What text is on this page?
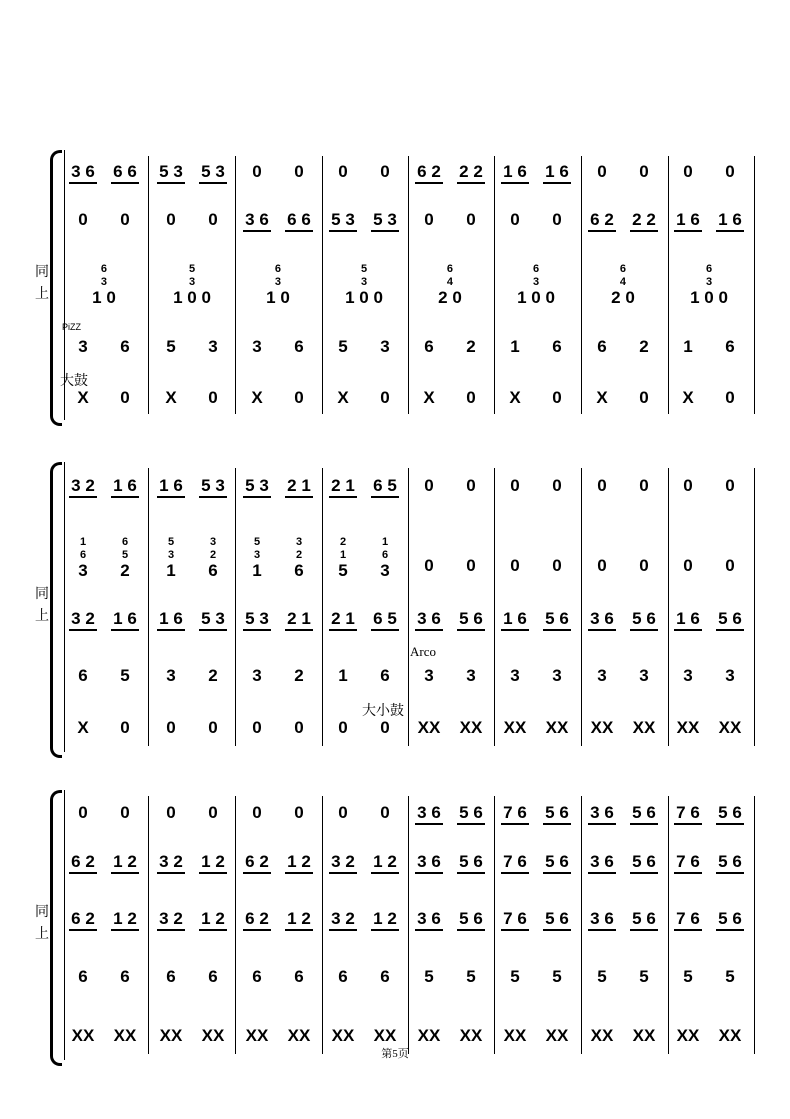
同
上
3 6 6 6 5 3 5 3 0 0 0 0 6 2 2 2 1 6 1 6 0 0 0 0
0 0 0 0 3 6 6 6 5 3 5 3 0 0 0 0 6 2 2 2 1 6 1 6
6
3
1 0
5
3
1 0 0
6
3
1 0
5
3
1 0 0
6
4
2 0
6
3
1 0 0
6
4
2 0
6
3
1 0 0
3 6 5 3 3 6 5 3 6 2 1 6 6 2 1 6
X 0 X 0 X 0 X 0 X 0 X 0 X 0 X 0
PiZZ
大鼓
同
上
3 2 1 6 1 6 5 3 5 3 2 1 2 1 6 5 0 0 0 0 0 0 0 0
1
6
3
6
5
2
5
3
1
3
2
6
5
3
1
3
2
6
2
1
5
1
6
3 0 0 0 0 0 0 0 0
3 2 1 6 1 6 5 3 5 3 2 1 2 1 6 5 3 6 5 6 1 6 5 6 3 6 5 6 1 6 5 6
6 5 3 2 3 2 1 6 3 3 3 3 3 3 3 3
X 0 0 0 0 0 0 0 XX XX XX XX XX XX XX XX
Arco
大小鼓
同
上
0 0 0 0 0 0 0 0 3 6 5 6 7 6 5 6 3 6 5 6 7 6 5 6
6 2 1 2 3 2 1 2 6 2 1 2 3 2 1 2 3 6 5 6 7 6 5 6 3 6 5 6 7 6 5 6
6 2 1 2 3 2 1 2 6 2 1 2 3 2 1 2 3 6 5 6 7 6 5 6 3 6 5 6 7 6 5 6
6 6 6 6 6 6 6 6 5 5 5 5 5 5 5 5
XX XX XX XX XX XX XX XX XX XX XX XX XX XX XX XX
第5页
